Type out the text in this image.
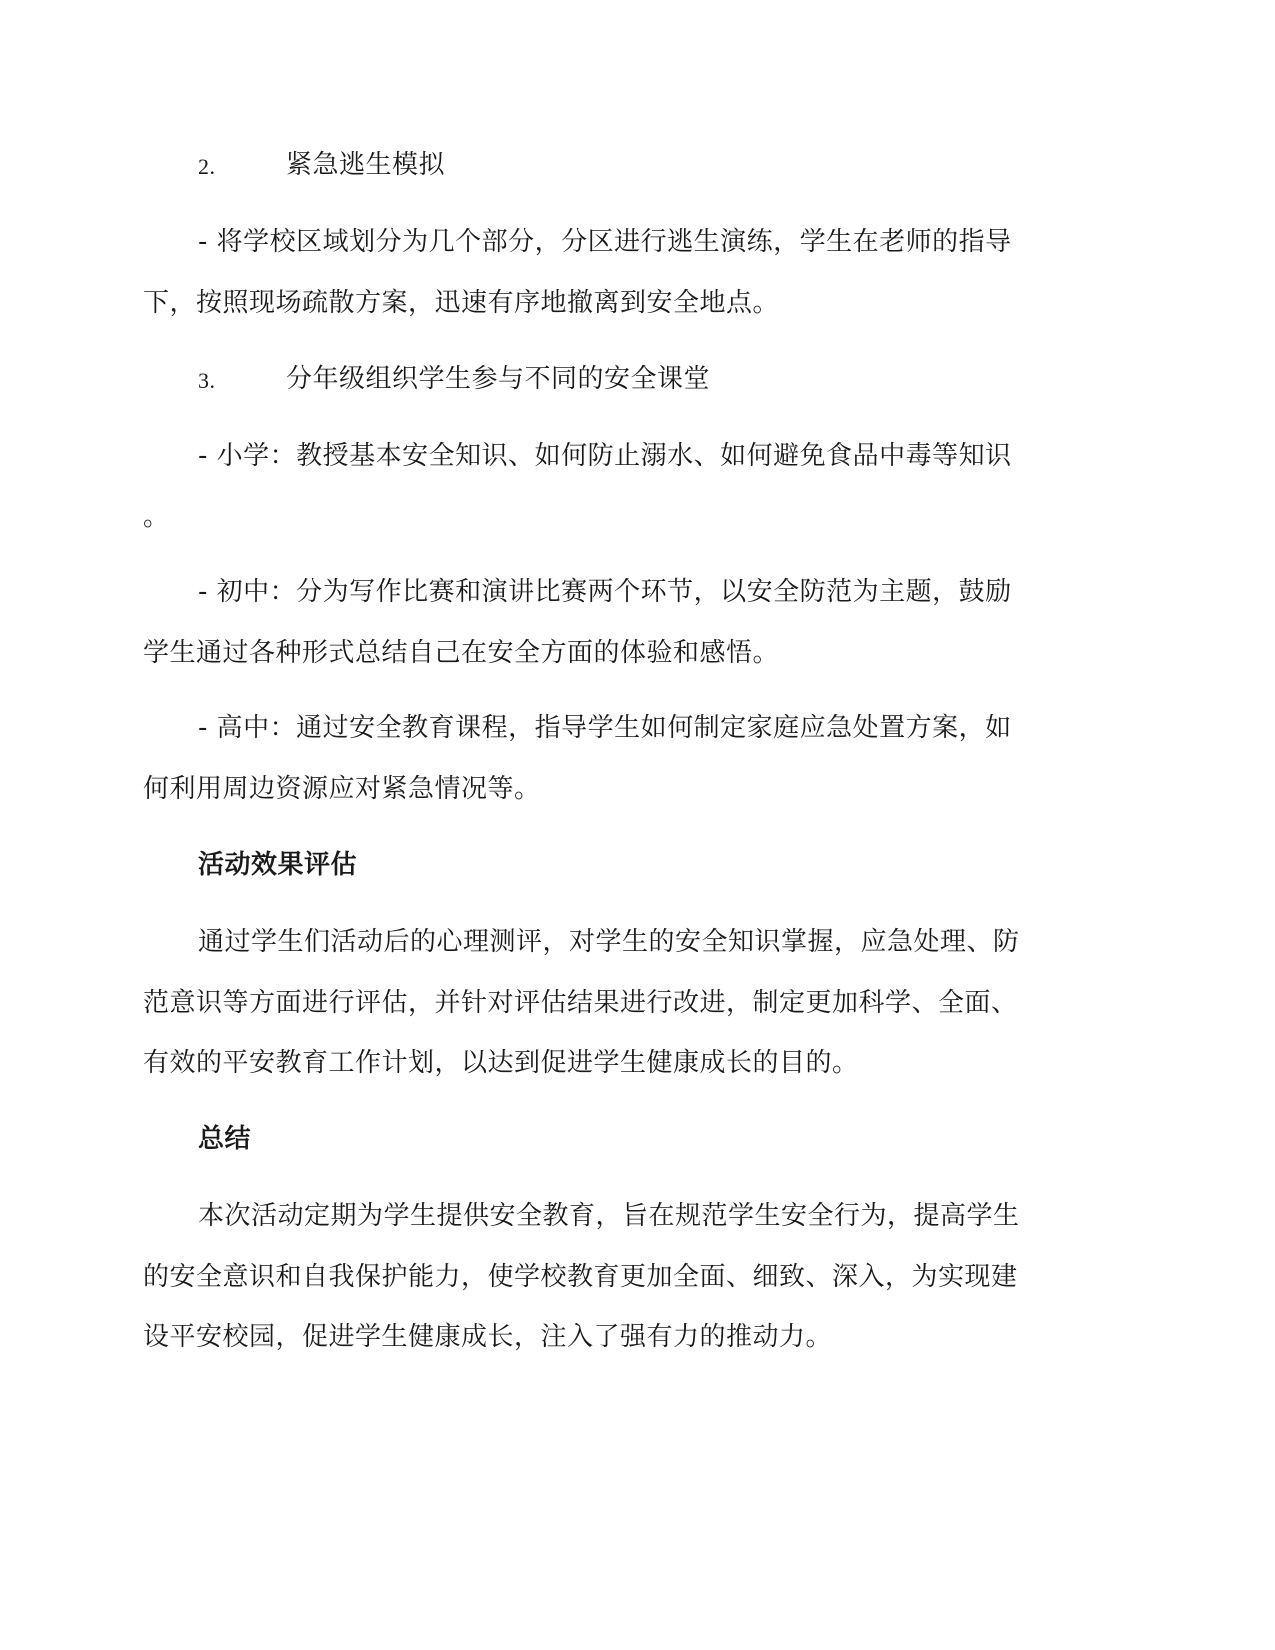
2.	紧急逃生模拟
- 将学校区域划分为几个部分，分区进行逃生演练，学生在老师的指导
下，按照现场疏散方案，迅速有序地撤离到安全地点。
3.	分年级组织学生参与不同的安全课堂
- 小学：教授基本安全知识、如何防止溺水、如何避免食品中毒等知识
。
- 初中：分为写作比赛和演讲比赛两个环节，以安全防范为主题，鼓励
学生通过各种形式总结自己在安全方面的体验和感悟。
- 高中：通过安全教育课程，指导学生如何制定家庭应急处置方案，如
何利用周边资源应对紧急情况等。
活动效果评估
通过学生们活动后的心理测评，对学生的安全知识掌握，应急处理、防
范意识等方面进行评估，并针对评估结果进行改进，制定更加科学、全面、
有效的平安教育工作计划，以达到促进学生健康成长的目的。
总结
本次活动定期为学生提供安全教育，旨在规范学生安全行为，提高学生
的安全意识和自我保护能力，使学校教育更加全面、细致、深入，为实现建
设平安校园，促进学生健康成长，注入了强有力的推动力。
